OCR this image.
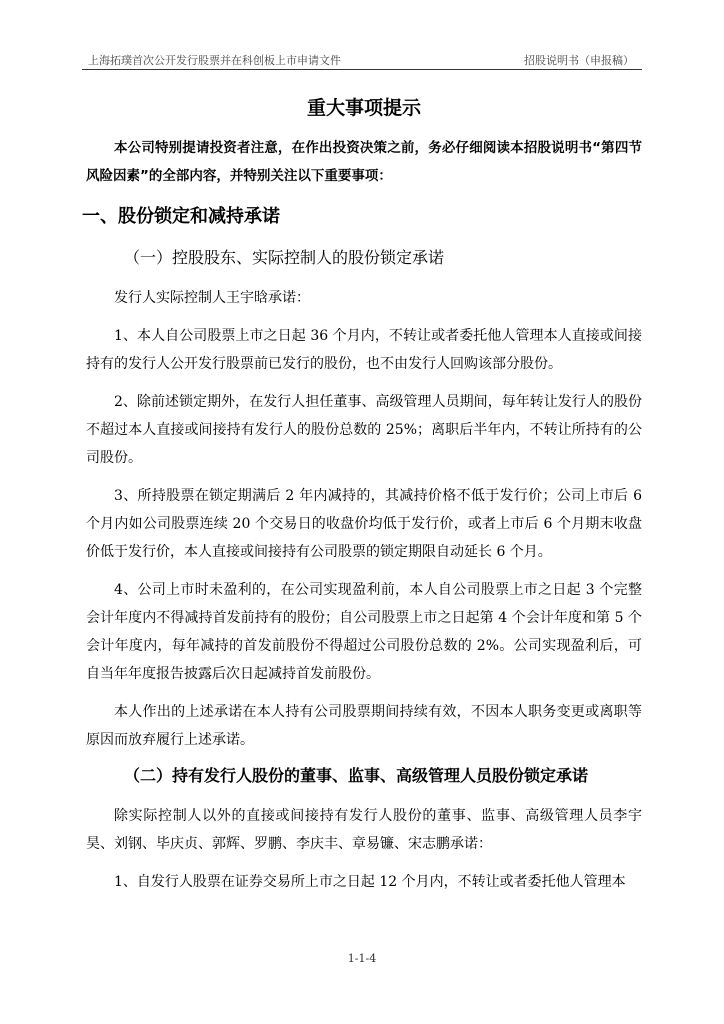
上海拓璞首次公开发行股票并在科创板上市申请文件	招股说明书（申报稿）
重大事项提示

本公司特别提请投资者注意，在作出投资决策之前，务必仔细阅读本招股说明书“第四节　风险因素”的全部内容，并特别关注以下重要事项：

一、股份锁定和减持承诺
（一）控股股东、实际控制人的股份锁定承诺

发行人实际控制人王宇晗承诺：

1、本人自公司股票上市之日起 36 个月内，不转让或者委托他人管理本人直接或间接持有的发行人公开发行股票前已发行的股份，也不由发行人回购该部分股份。

2、除前述锁定期外，在发行人担任董事、高级管理人员期间，每年转让发行人的股份不超过本人直接或间接持有发行人的股份总数的 25%；离职后半年内，不转让所持有的公司股份。

3、所持股票在锁定期满后 2 年内减持的，其减持价格不低于发行价；公司上市后 6 个月内如公司股票连续 20 个交易日的收盘价均低于发行价，或者上市后 6 个月期末收盘价低于发行价，本人直接或间接持有公司股票的锁定期限自动延长 6 个月。

4、公司上市时未盈利的，在公司实现盈利前，本人自公司股票上市之日起 3 个完整会计年度内不得减持首发前持有的股份；自公司股票上市之日起第 4 个会计年度和第 5 个会计年度内，每年减持的首发前股份不得超过公司股份总数的 2%。公司实现盈利后，可自当年年度报告披露后次日起减持首发前股份。

本人作出的上述承诺在本人持有公司股票期间持续有效，不因本人职务变更或离职等原因而放弃履行上述承诺。

（二）持有发行人股份的董事、监事、高级管理人员股份锁定承诺

除实际控制人以外的直接或间接持有发行人股份的董事、监事、高级管理人员李宇昊、刘钢、毕庆贞、郭辉、罗鹏、李庆丰、章易镰、宋志鹏承诺：

1、自发行人股票在证券交易所上市之日起 12 个月内，不转让或者委托他人管理本

1-1-4
